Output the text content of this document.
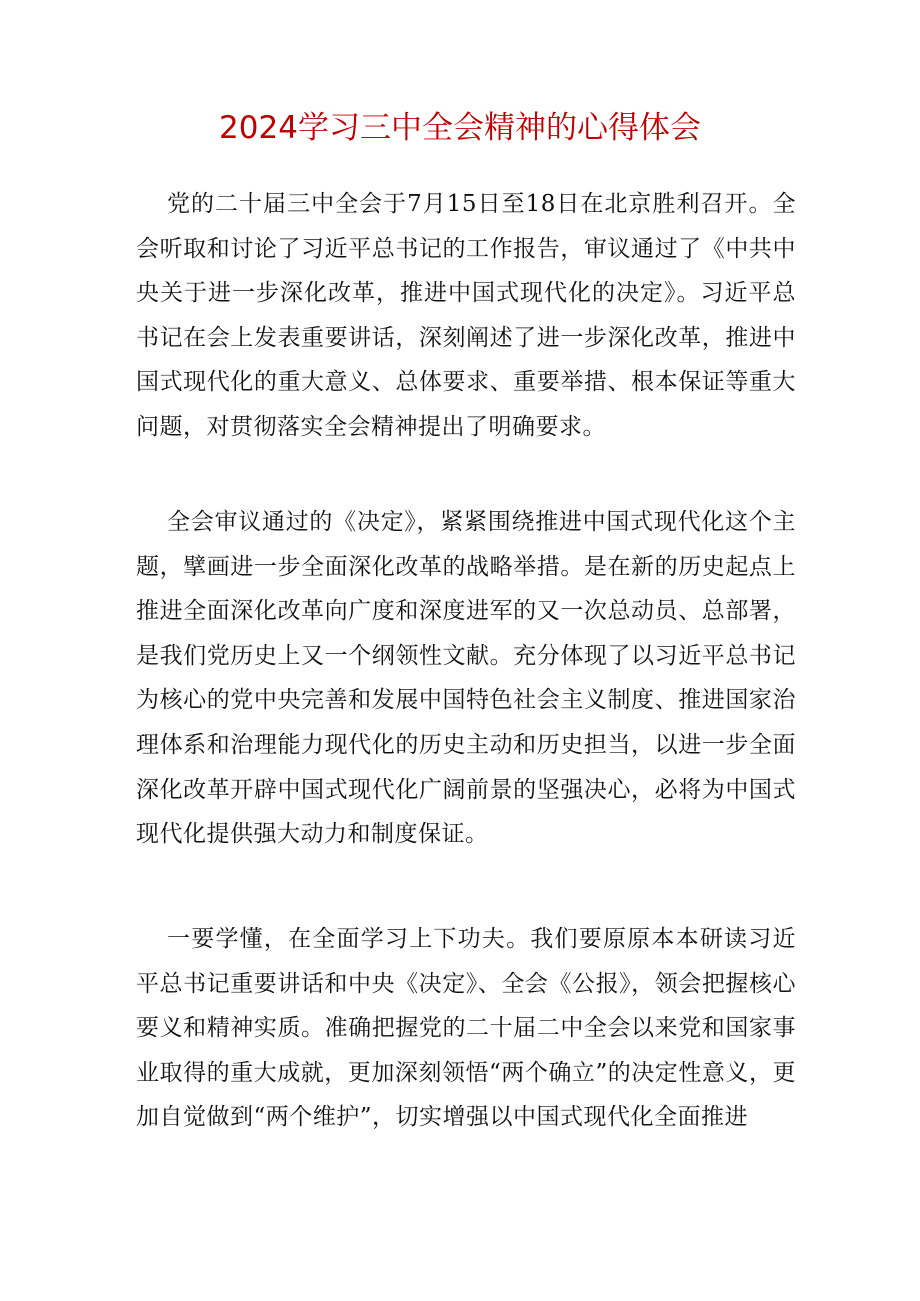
2024学习三中全会精神的心得体会

党的二十届三中全会于7月15日至18日在北京胜利召开。全会听取和讨论了习近平总书记的工作报告，审议通过了《中共中央关于进一步深化改革，推进中国式现代化的决定》。习近平总书记在会上发表重要讲话，深刻阐述了进一步深化改革，推进中国式现代化的重大意义、总体要求、重要举措、根本保证等重大问题，对贯彻落实全会精神提出了明确要求。

全会审议通过的《决定》，紧紧围绕推进中国式现代化这个主题，擘画进一步全面深化改革的战略举措。是在新的历史起点上推进全面深化改革向广度和深度进军的又一次总动员、总部署，是我们党历史上又一个纲领性文献。充分体现了以习近平总书记为核心的党中央完善和发展中国特色社会主义制度、推进国家治理体系和治理能力现代化的历史主动和历史担当，以进一步全面深化改革开辟中国式现代化广阔前景的坚强决心，必将为中国式现代化提供强大动力和制度保证。

一要学懂，在全面学习上下功夫。我们要原原本本研读习近平总书记重要讲话和中央《决定》、全会《公报》，领会把握核心要义和精神实质。准确把握党的二十届二中全会以来党和国家事业取得的重大成就，更加深刻领悟“两个确立”的决定性意义，更加自觉做到“两个维护”，切实增强以中国式现代化全面推进
